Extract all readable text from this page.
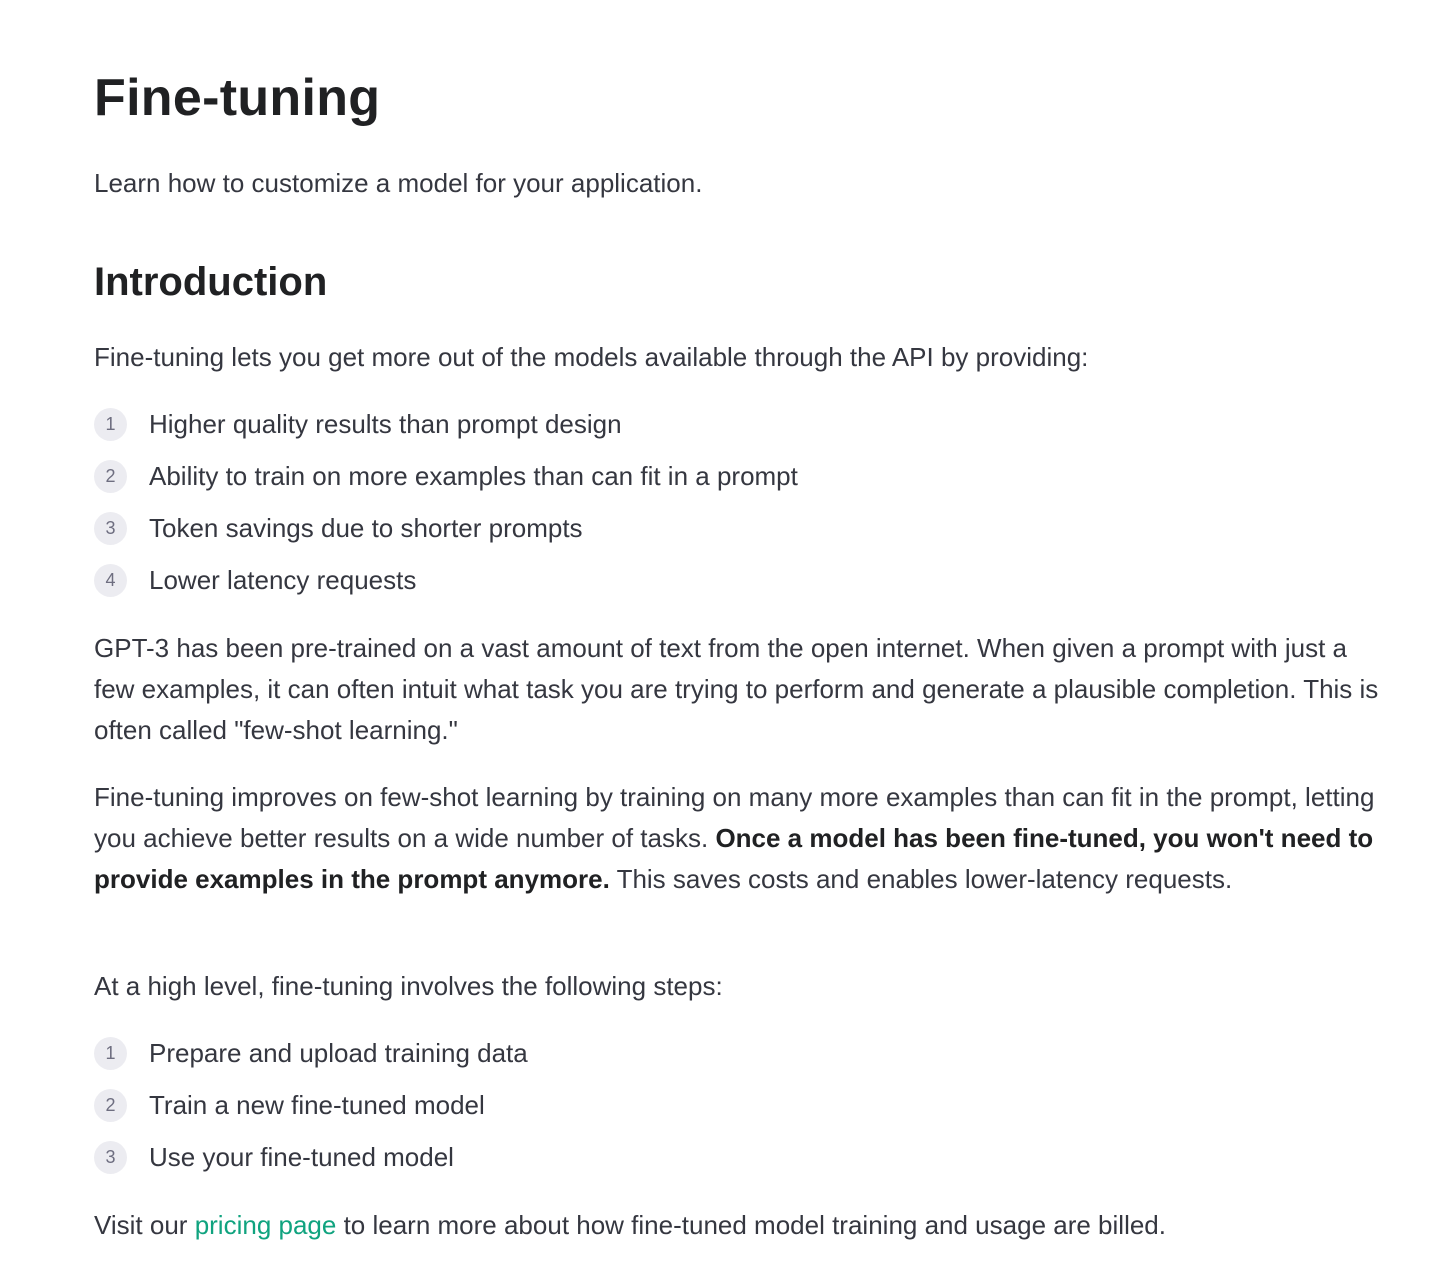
Fine-tuning

Learn how to customize a model for your application.

Introduction

Fine-tuning lets you get more out of the models available through the API by providing:

1	Higher quality results than prompt design
2	Ability to train on more examples than can fit in a prompt
3	Token savings due to shorter prompts
4	Lower latency requests

GPT-3 has been pre-trained on a vast amount of text from the open internet. When given a prompt with just a few examples, it can often intuit what task you are trying to perform and generate a plausible completion. This is often called "few-shot learning."

Fine-tuning improves on few-shot learning by training on many more examples than can fit in the prompt, letting you achieve better results on a wide number of tasks. Once a model has been fine-tuned, you won't need to provide examples in the prompt anymore. This saves costs and enables lower-latency requests.

At a high level, fine-tuning involves the following steps:

1	Prepare and upload training data
2	Train a new fine-tuned model
3	Use your fine-tuned model

Visit our pricing page to learn more about how fine-tuned model training and usage are billed.
